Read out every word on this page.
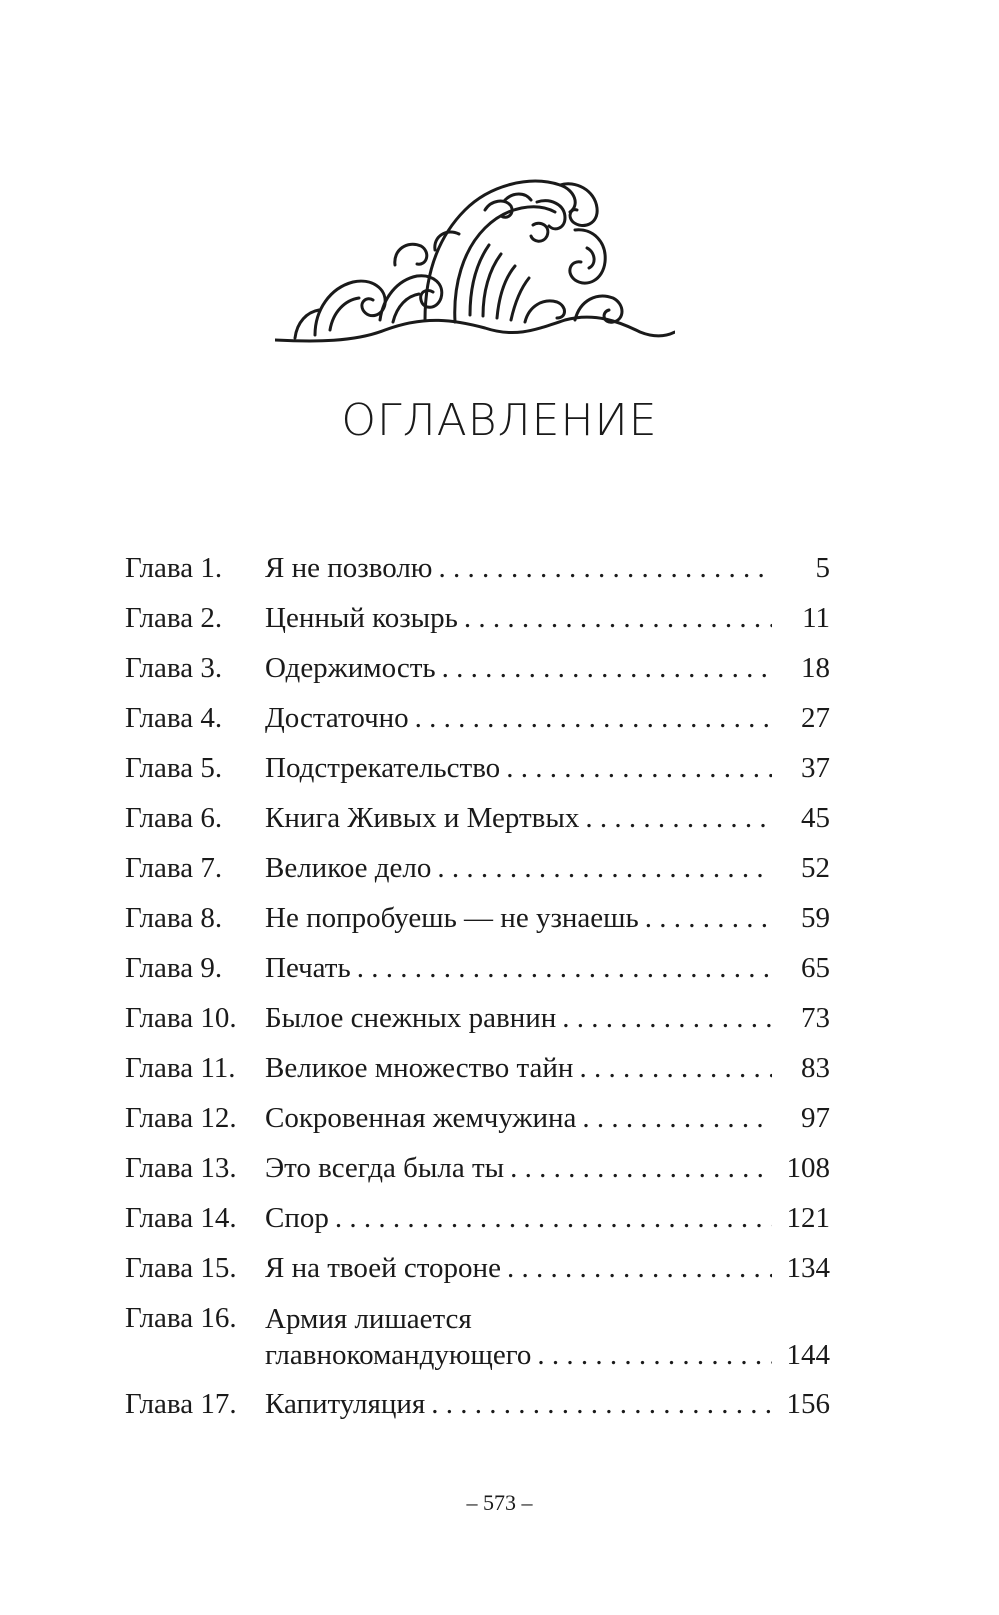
ОГЛАВЛЕНИЕ
Глава 1.	Я не позволю . . .	5
Глава 2.	Ценный козырь . . .	11
Глава 3.	Одержимость . . .	18
Глава 4.	Достаточно . . .	27
Глава 5.	Подстрекательство . . .	37
Глава 6.	Книга Живых и Мертвых . . .	45
Глава 7.	Великое дело . . .	52
Глава 8.	Не попробуешь — не узнаешь . . .	59
Глава 9.	Печать . . .	65
Глава 10. Былое снежных равнин . . .	73
Глава 11.	Великое множество тайн . . .	83
Глава 12. Сокровенная жемчужина . . .	97
Глава 13. Это всегда была ты . . .	108
Глава 14. Спор . . .	121
Глава 15. Я на твоей стороне . . .	134
Глава 16. Армия лишается
главнокомандующего . . .	144
Глава 17. Капитуляция . . .	156
– 573 –
